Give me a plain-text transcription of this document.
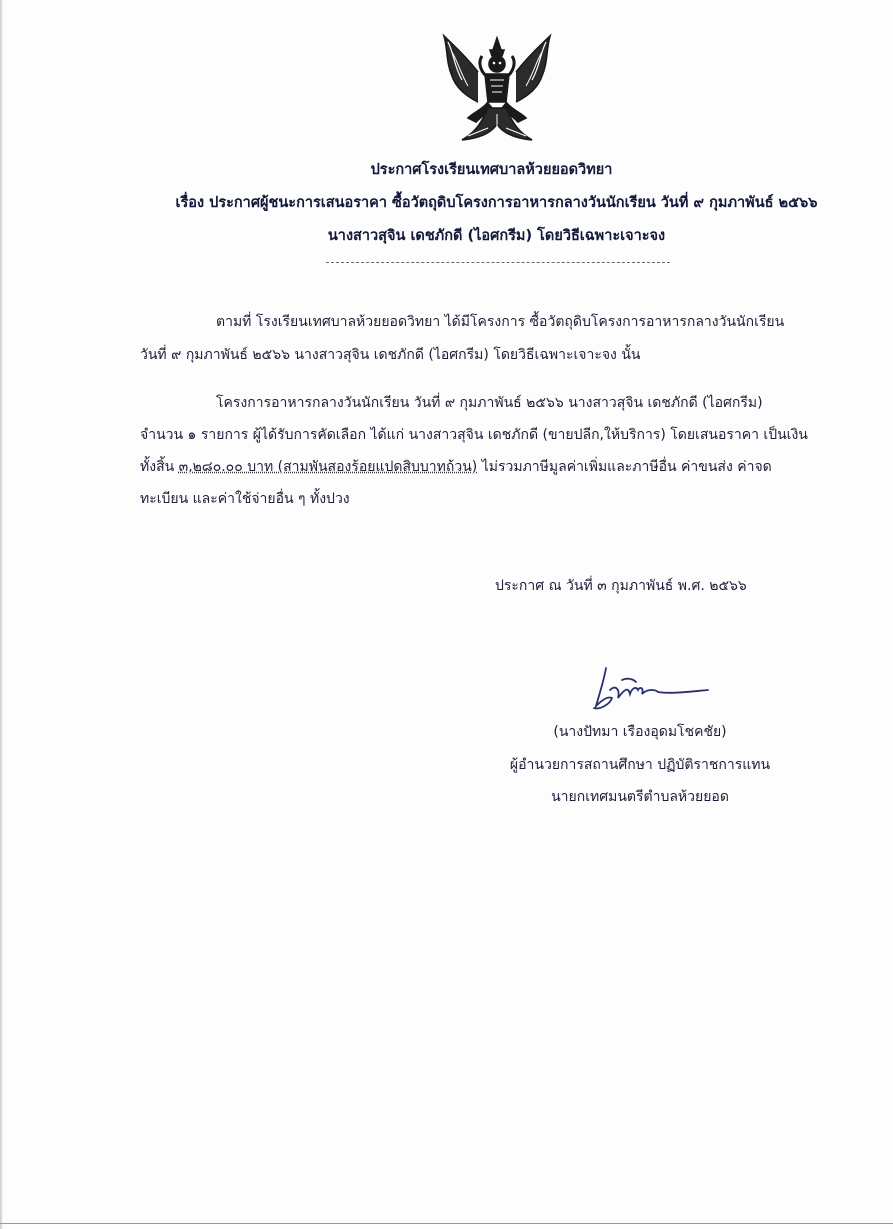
ประกาศโรงเรียนเทศบาลห้วยยอดวิทยา
เรื่อง ประกาศผู้ชนะการเสนอราคา ซื้อวัตถุดิบโครงการอาหารกลางวันนักเรียน วันที่ ๙ กุมภาพันธ์ ๒๕๖๖
นางสาวสุจิน เดชภักดี (ไอศกรีม) โดยวิธีเฉพาะเจาะจง
ตามที่ โรงเรียนเทศบาลห้วยยอดวิทยา ได้มีโครงการ ซื้อวัตถุดิบโครงการอาหารกลางวันนักเรียน
วันที่ ๙ กุมภาพันธ์ ๒๕๖๖ นางสาวสุจิน เดชภักดี (ไอศกรีม) โดยวิธีเฉพาะเจาะจง นั้น
โครงการอาหารกลางวันนักเรียน วันที่ ๙ กุมภาพันธ์ ๒๕๖๖ นางสาวสุจิน เดชภักดี (ไอศกรีม)
จำนวน ๑ รายการ ผู้ได้รับการคัดเลือก ได้แก่ นางสาวสุจิน เดชภักดี (ขายปลีก,ให้บริการ) โดยเสนอราคา เป็นเงิน
ทั้งสิ้น ๓,๒๘๐.๐๐ บาท (สามพันสองร้อยแปดสิบบาทถ้วน) ไม่รวมภาษีมูลค่าเพิ่มและภาษีอื่น ค่าขนส่ง ค่าจด
ทะเบียน และค่าใช้จ่ายอื่น ๆ ทั้งปวง
ประกาศ ณ วันที่ ๓ กุมภาพันธ์ พ.ศ. ๒๕๖๖
(นางปัทมา เรืองอุดมโชคชัย)
ผู้อำนวยการสถานศึกษา ปฏิบัติราชการแทน
นายกเทศมนตรีตำบลห้วยยอด
